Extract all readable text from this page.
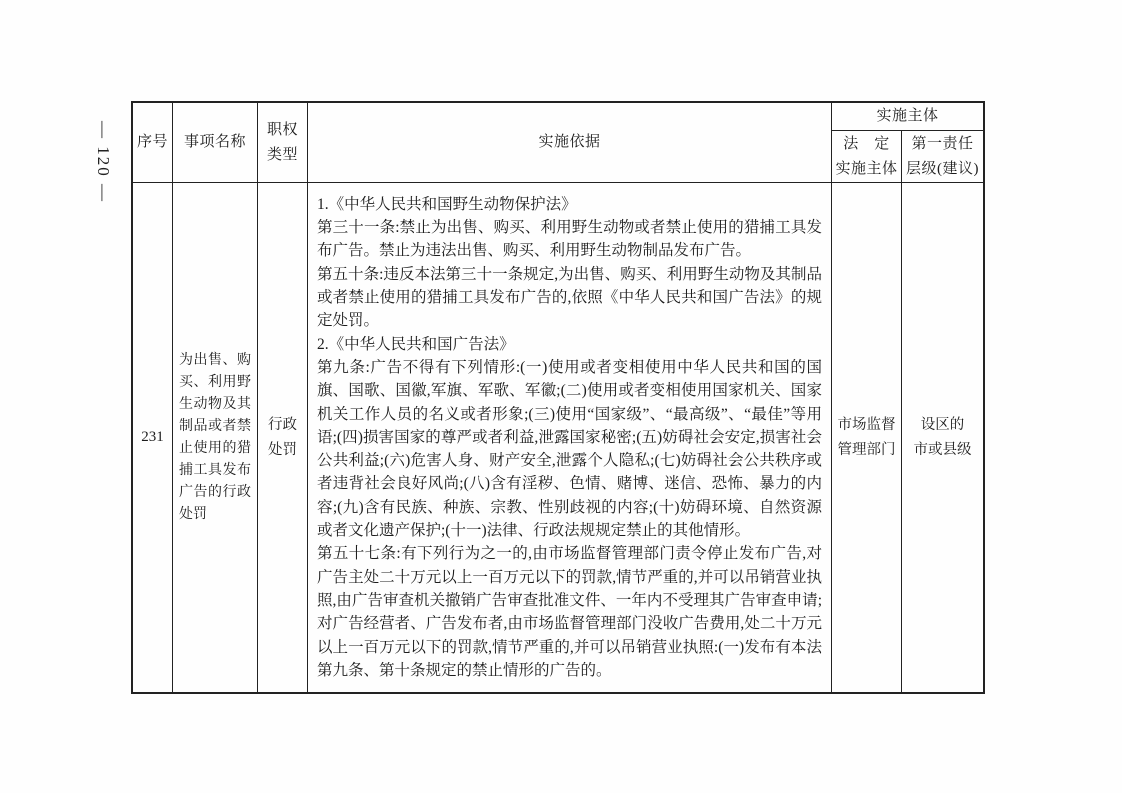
— 120 — 序号 事项名称
职权
类型
实施依据
实施主体
法　定
实施主体
第一责任
层级(建议)
231
为出售、购买、利用野生动物及其制品或者禁止使用的猎捕工具发布广告的行政处罚
行政
处罚

1.《中华人民共和国野生动物保护法》

第三十一条:禁止为出售、购买、利用野生动物或者禁止使用的猎捕工具发布广告。禁止为违法出售、购买、利用野生动物制品发布广告。

第五十条:违反本法第三十一条规定,为出售、购买、利用野生动物及其制品或者禁止使用的猎捕工具发布广告的,依照《中华人民共和国广告法》的规定处罚。

2.《中华人民共和国广告法》

第九条:广告不得有下列情形:(一)使用或者变相使用中华人民共和国的国旗、国歌、国徽,军旗、军歌、军徽;(二)使用或者变相使用国家机关、国家机关工作人员的名义或者形象;(三)使用“国家级”、“最高级”、“最佳”等用语;(四)损害国家的尊严或者利益,泄露国家秘密;(五)妨碍社会安定,损害社会公共利益;(六)危害人身、财产安全,泄露个人隐私;(七)妨碍社会公共秩序或者违背社会良好风尚;(八)含有淫秽、色情、赌博、迷信、恐怖、暴力的内容;(九)含有民族、种族、宗教、性别歧视的内容;(十)妨碍环境、自然资源或者文化遗产保护;(十一)法律、行政法规规定禁止的其他情形。

第五十七条:有下列行为之一的,由市场监督管理部门责令停止发布广告,对广告主处二十万元以上一百万元以下的罚款,情节严重的,并可以吊销营业执照,由广告审查机关撤销广告审查批准文件、一年内不受理其广告审查申请;对广告经营者、广告发布者,由市场监督管理部门没收广告费用,处二十万元以上一百万元以下的罚款,情节严重的,并可以吊销营业执照:(一)发布有本法第九条、第十条规定的禁止情形的广告的。

市场监督
管理部门
设区的
市或县级
